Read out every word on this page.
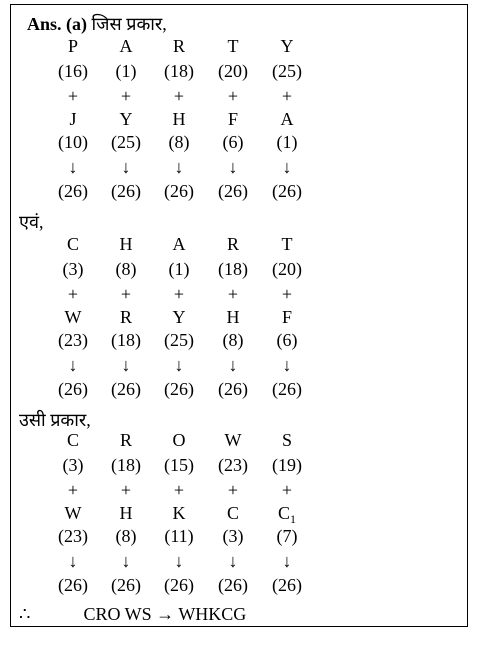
Ans. (a) जिस प्रकार,
P	A	R	T	Y
(16)	(1)	(18)	(20)	(25)
+	+	+	+	+
J	Y	H	F	A
(10)	(25)	(8)	(6)	(1)
↓	↓	↓	↓	↓
(26)	(26)	(26)	(26)	(26)
एवं,
C	H	A	R	T
(3)	(8)	(1)	(18)	(20)
+	+	+	+	+
W	R	Y	H	F
(23)	(18)	(25)	(8)	(6)
↓	↓	↓	↓	↓
(26)	(26)	(26)	(26)	(26)
उसी प्रकार,
C	R	O	W	S
(3)	(18)	(15)	(23)	(19)
+	+	+	+	+
W	H	K	C	$C_1$
(23)	(8)	(11)	(3)	(7)
↓	↓	↓	↓	↓
(26)	(26)	(26)	(26)	(26)
∴	CRO WS → WHKCG
